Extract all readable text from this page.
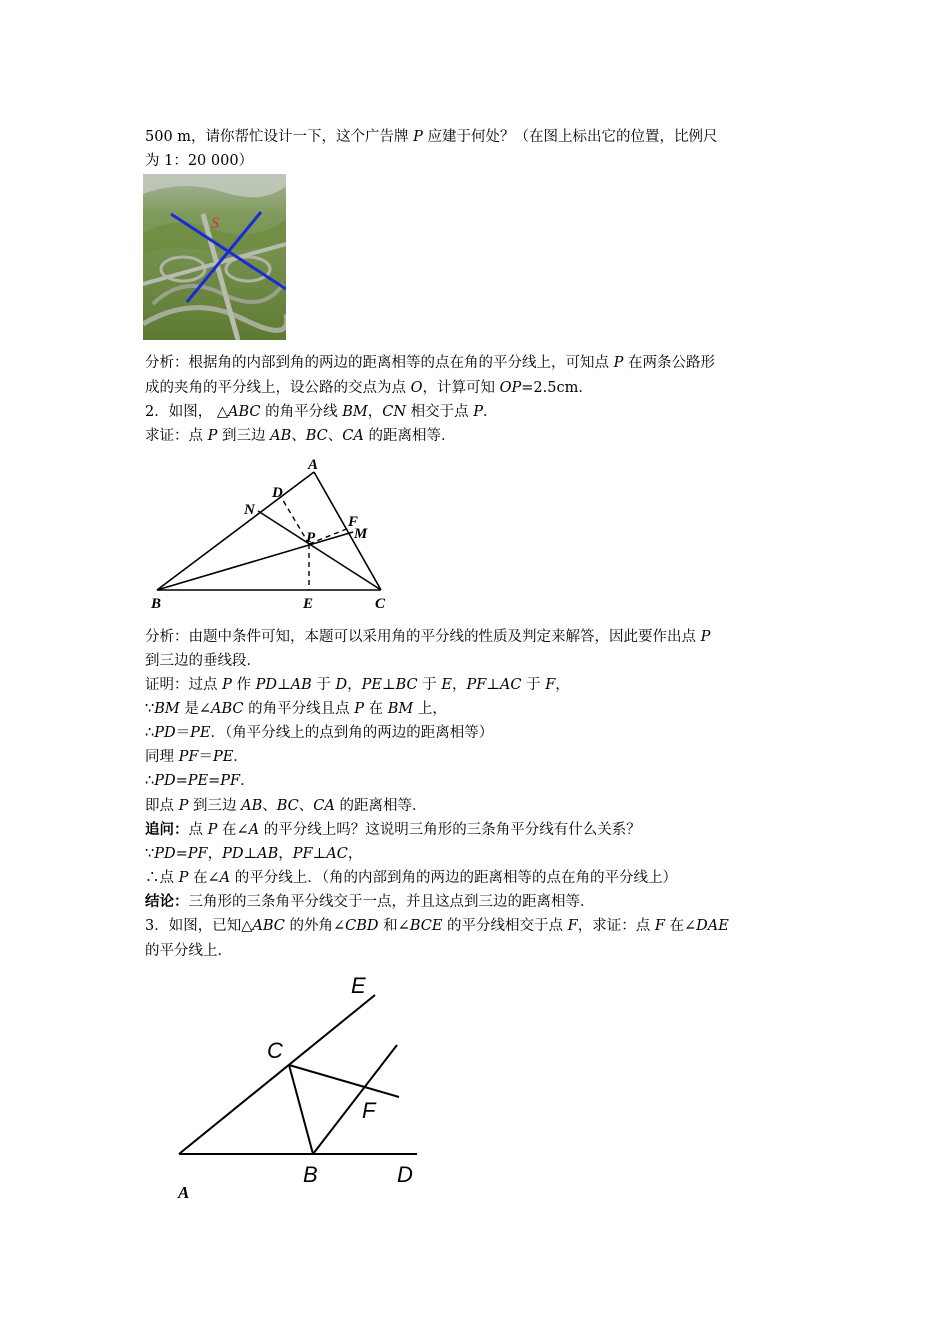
500 m，请你帮忙设计一下，这个广告牌 P 应建于何处？（在图上标出它的位置，比例尺
为 1：20 000）
S
分析：根据角的内部到角的两边的距离相等的点在角的平分线上，可知点 P 在两条公路形
成的夹角的平分线上，设公路的交点为点 O，计算可知 OP=2.5cm．
2．如图， △ABC 的角平分线 BM，CN 相交于点 P．
求证：点 P 到三边 AB、BC、CA 的距离相等．
A
D
N
F
M
P
B	E	C
分析：由题中条件可知，本题可以采用角的平分线的性质及判定来解答，因此要作出点 P
到三边的垂线段．
证明：过点 P 作 PD⊥AB 于 D，PE⊥BC 于 E，PF⊥AC 于 F，
∵BM 是∠ABC 的角平分线且点 P 在 BM 上，
∴PD＝PE．（角平分线上的点到角的两边的距离相等）
同理 PF＝PE．
∴PD=PE=PF．
即点 P 到三边 AB、BC、CA 的距离相等．
追问：点 P 在∠A 的平分线上吗？这说明三角形的三条角平分线有什么关系？
∵PD=PF，PD⊥AB，PF⊥AC，
∴点 P 在∠A 的平分线上．（角的内部到角的两边的距离相等的点在角的平分线上）
结论：三角形的三条角平分线交于一点，并且这点到三边的距离相等．
3．如图，已知△ABC 的外角∠CBD 和∠BCE 的平分线相交于点 F，求证：点 F 在∠DAE
的平分线上．
E
C
F
A
B	D
